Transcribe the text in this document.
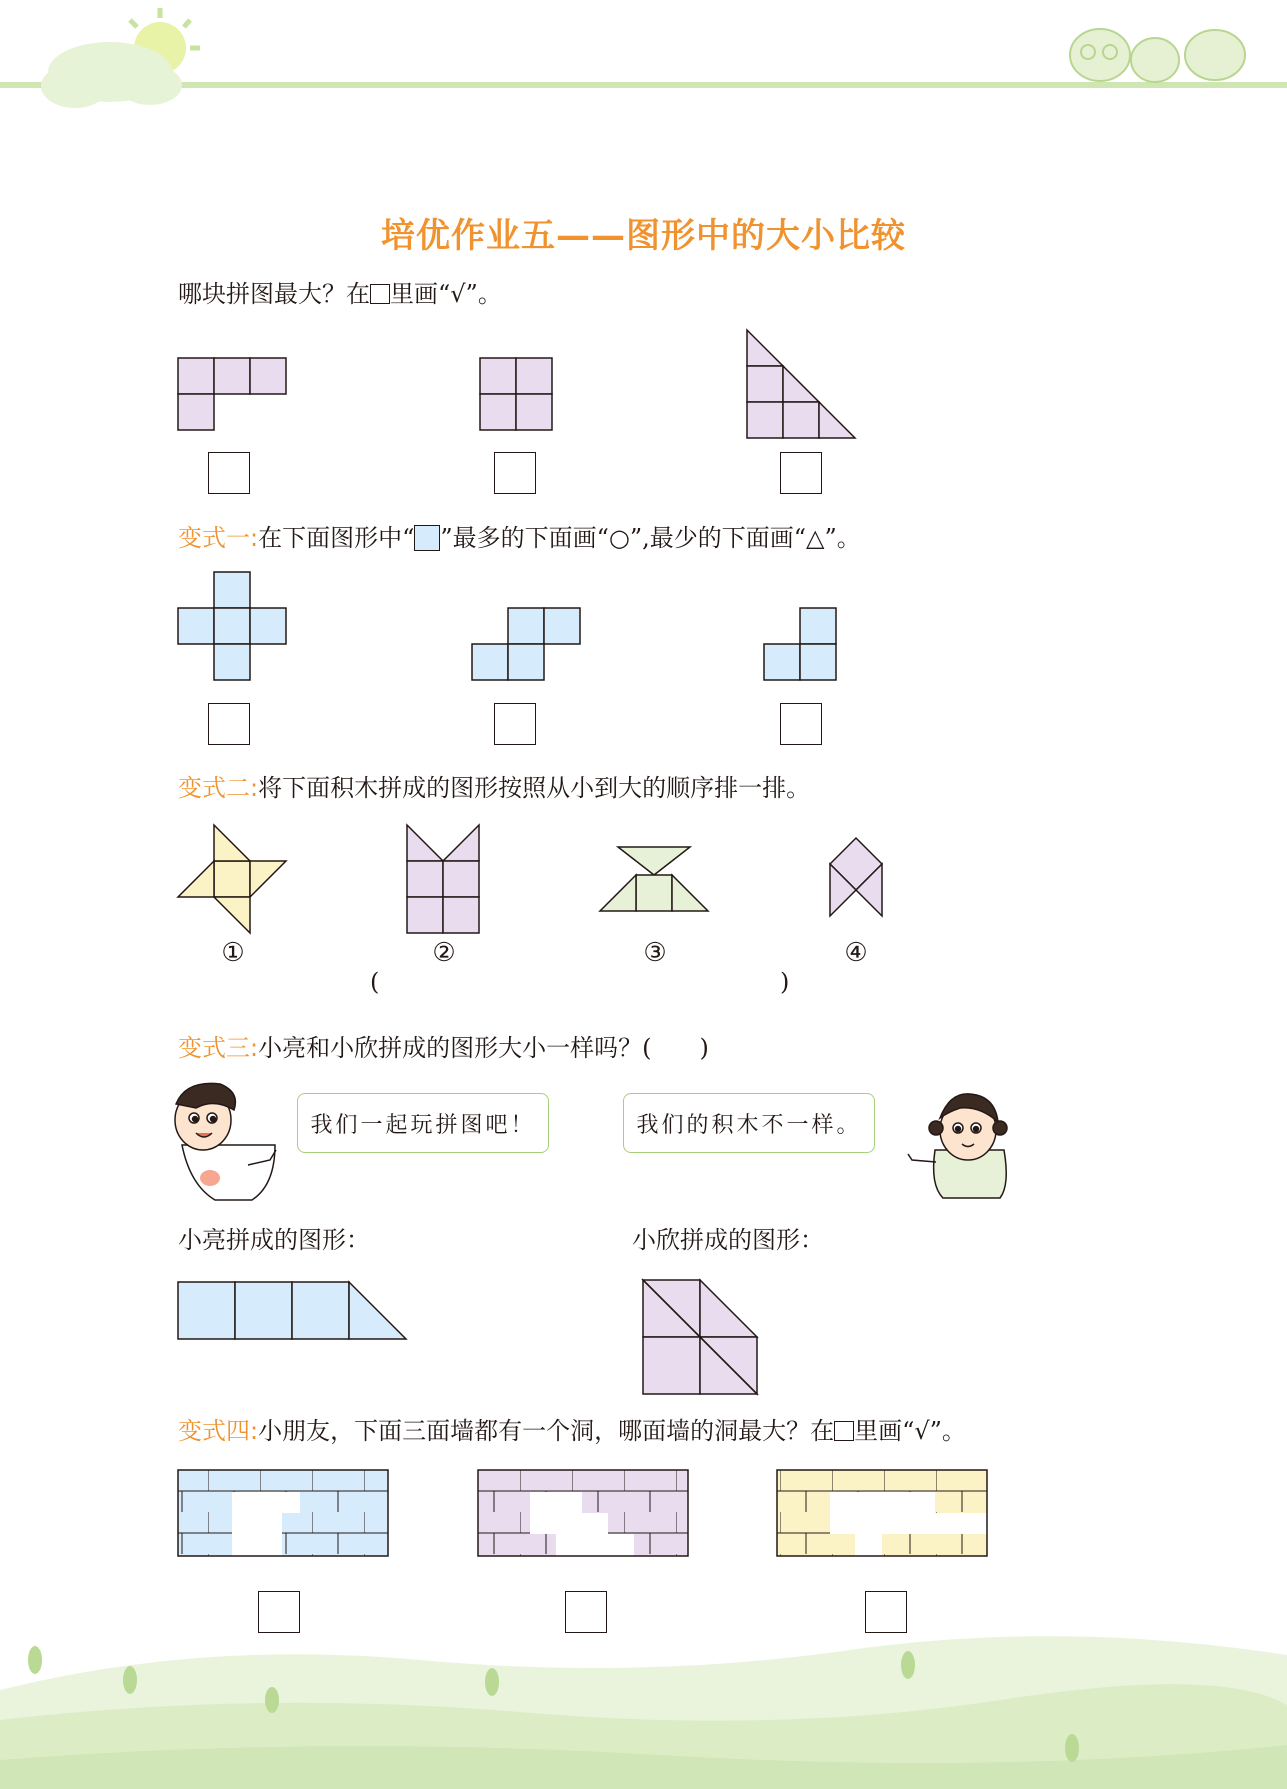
培优作业五——图形中的大小比较
哪块拼图最大？在 里画“√”。
变式一:在下面图形中“ ”最多的下面画“○”,最少的下面画“△”。
变式二:将下面积木拼成的图形按照从小到大的顺序排一排。
①	②	③	④
(	)
变式三:小亮和小欣拼成的图形大小一样吗？(　　)
我们一起玩拼图吧！	我们的积木不一样。
小亮拼成的图形：	小欣拼成的图形：
变式四:小朋友，下面三面墙都有一个洞，哪面墙的洞最大？在 里画“√”。
